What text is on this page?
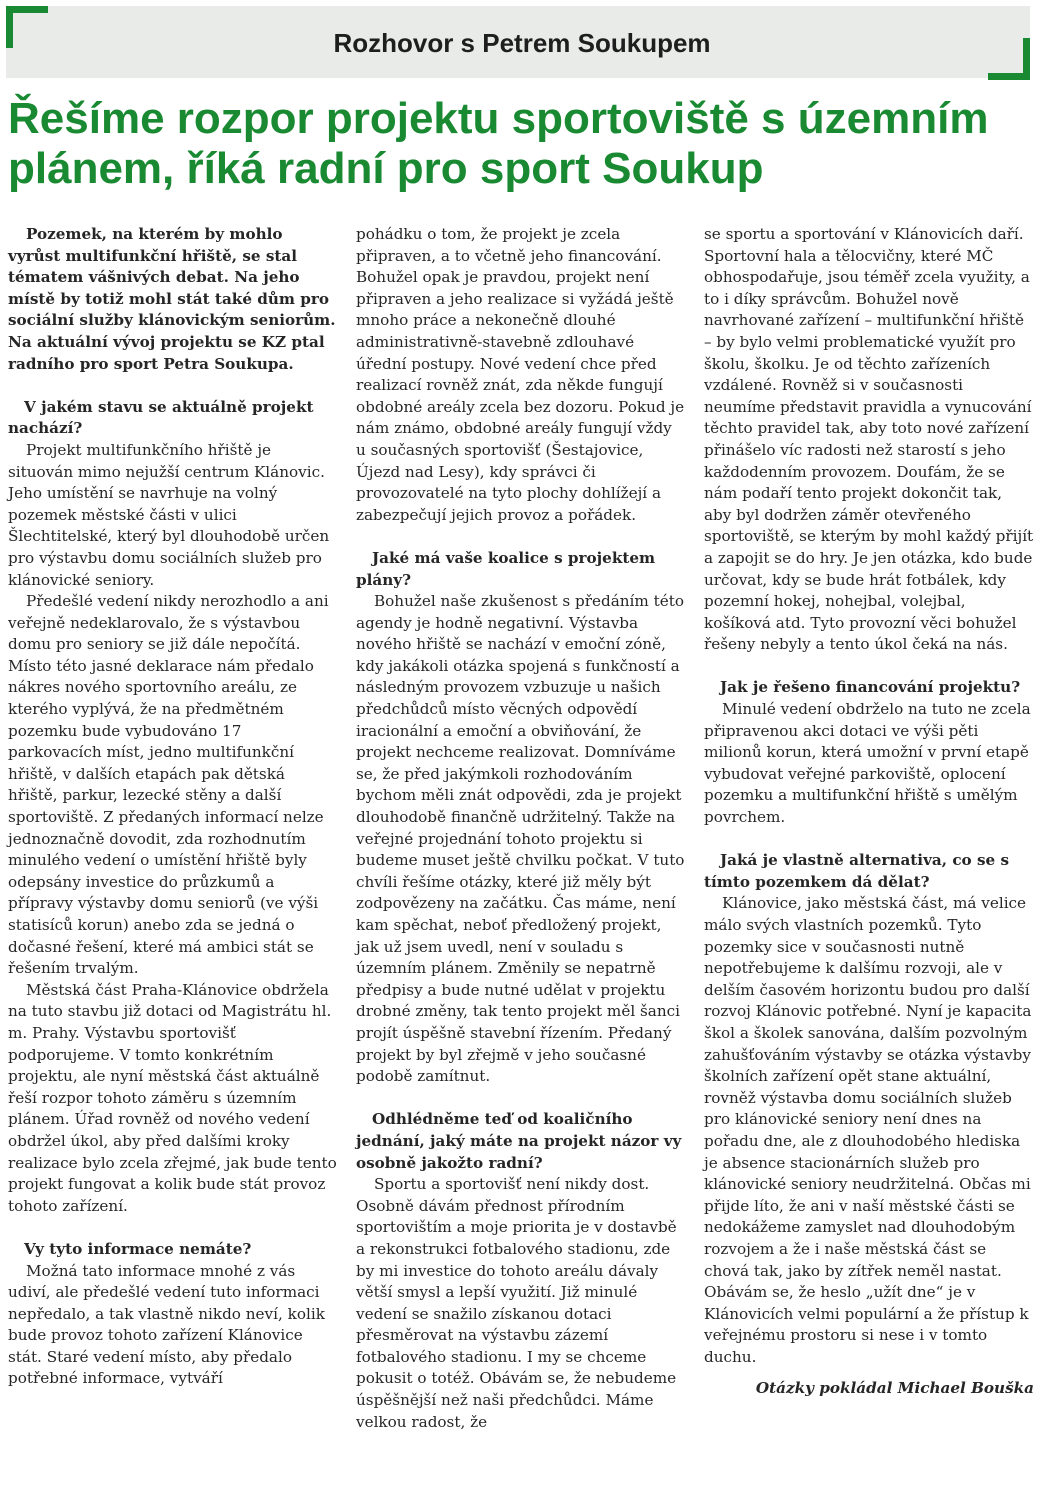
Rozhovor s Petrem Soukupem
Řešíme rozpor projektu sportoviště s územním plánem, říká radní pro sport Soukup

Pozemek, na kterém by mohlo vyrůst multifunkční hřiště, se stal tématem vášnivých debat. Na jeho místě by totiž mohl stát také dům pro sociální služby klánovickým seniorům. Na aktuální vývoj projektu se KZ ptal radního pro sport Petra Soukupa.

V jakém stavu se aktuálně projekt nachází?

Projekt multifunkčního hřiště je situován mimo nejužší centrum Klánovic. Jeho umístění se navrhuje na volný pozemek městské části v ulici Šlechtitelské, který byl dlouhodobě určen pro výstavbu domu sociálních služeb pro klánovické seniory.

Předešlé vedení nikdy nerozhodlo a ani veřejně nedeklarovalo, že s výstavbou domu pro seniory se již dále nepočítá. Místo této jasné deklarace nám předalo nákres nového sportovního areálu, ze kterého vyplývá, že na předmětném pozemku bude vybudováno 17 parkovacích míst, jedno multifunkční hřiště, v dalších etapách pak dětská hřiště, parkur, lezecké stěny a další sportoviště. Z předaných informací nelze jednoznačně dovodit, zda rozhodnutím minulého vedení o umístění hřiště byly odepsány investice do průzkumů a přípravy výstavby domu seniorů (ve výši statisíců korun) anebo zda se jedná o dočasné řešení, které má ambici stát se řešením trvalým.

Městská část Praha-Klánovice obdržela na tuto stavbu již dotaci od Magistrátu hl. m. Prahy. Výstavbu sportovišť podporujeme. V tomto konkrétním projektu, ale nyní městská část aktuálně řeší rozpor tohoto záměru s územním plánem. Úřad rovněž od nového vedení obdržel úkol, aby před dalšími kroky realizace bylo zcela zřejmé, jak bude tento projekt fungovat a kolik bude stát provoz tohoto zařízení.

Vy tyto informace nemáte?

Možná tato informace mnohé z vás udiví, ale předešlé vedení tuto informaci nepředalo, a tak vlastně nikdo neví, kolik bude provoz tohoto zařízení Klánovice stát. Staré vedení místo, aby předalo potřebné informace, vytváří

pohádku o tom, že projekt je zcela připraven, a to včetně jeho financování. Bohužel opak je pravdou, projekt není připraven a jeho realizace si vyžádá ještě mnoho práce a nekonečně dlouhé administrativně-stavebně zdlouhavé úřední postupy. Nové vedení chce před realizací rovněž znát, zda někde fungují obdobné areály zcela bez dozoru. Pokud je nám známo, obdobné areály fungují vždy u současných sportovišť (Šestajovice, Újezd nad Lesy), kdy správci či provozovatelé na tyto plochy dohlížejí a zabezpečují jejich provoz a pořádek.

Jaké má vaše koalice s projektem plány?

Bohužel naše zkušenost s předáním této agendy je hodně negativní. Výstavba nového hřiště se nachází v emoční zóně, kdy jakákoli otázka spojená s funkčností a následným provozem vzbuzuje u našich předchůdců místo věcných odpovědí iracionální a emoční a obviňování, že projekt nechceme realizovat. Domníváme se, že před jakýmkoli rozhodováním bychom měli znát odpovědi, zda je projekt dlouhodobě finančně udržitelný. Takže na veřejné projednání tohoto projektu si budeme muset ještě chvilku počkat. V tuto chvíli řešíme otázky, které již měly být zodpovězeny na začátku. Čas máme, není kam spěchat, neboť předložený projekt, jak už jsem uvedl, není v souladu s územním plánem. Změnily se nepatrně předpisy a bude nutné udělat v projektu drobné změny, tak tento projekt měl šanci projít úspěšně stavební řízením. Předaný projekt by byl zřejmě v jeho současné podobě zamítnut.

Odhlédněme teď od koaličního jednání, jaký máte na projekt názor vy osobně jakožto radní?

Sportu a sportovišť není nikdy dost. Osobně dávám přednost přírodním sportovištím a moje priorita je v dostavbě a rekonstrukci fotbalového stadionu, zde by mi investice do tohoto areálu dávaly větší smysl a lepší využití. Již minulé vedení se snažilo získanou dotaci přesměrovat na výstavbu zázemí fotbalového stadionu. I my se chceme pokusit o totéž. Obávám se, že nebudeme úspěšnější než naši předchůdci. Máme velkou radost, že

se sportu a sportování v Klánovicích daří. Sportovní hala a tělocvičny, které MČ obhospodařuje, jsou téměř zcela využity, a to i díky správcům. Bohužel nově navrhované zařízení – multifunkční hřiště – by bylo velmi problematické využít pro školu, školku. Je od těchto zařízeních vzdálené. Rovněž si v současnosti neumíme představit pravidla a vynucování těchto pravidel tak, aby toto nové zařízení přinášelo víc radosti než starostí s jeho každodenním provozem. Doufám, že se nám podaří tento projekt dokončit tak, aby byl dodržen záměr otevřeného sportoviště, se kterým by mohl každý přijít a zapojit se do hry. Je jen otázka, kdo bude určovat, kdy se bude hrát fotbálek, kdy pozemní hokej, nohejbal, volejbal, košíková atd. Tyto provozní věci bohužel řešeny nebyly a tento úkol čeká na nás.

Jak je řešeno financování projektu?

Minulé vedení obdrželo na tuto ne zcela připravenou akci dotaci ve výši pěti milionů korun, která umožní v první etapě vybudovat veřejné parkoviště, oplocení pozemku a multifunkční hřiště s umělým povrchem.

Jaká je vlastně alternativa, co se s tímto pozemkem dá dělat?

Klánovice, jako městská část, má velice málo svých vlastních pozemků. Tyto pozemky sice v současnosti nutně nepotřebujeme k dalšímu rozvoji, ale v delším časovém horizontu budou pro další rozvoj Klánovic potřebné. Nyní je kapacita škol a školek sanována, dalším pozvolným zahušťováním výstavby se otázka výstavby školních zařízení opět stane aktuální, rovněž výstavba domu sociálních služeb pro klánovické seniory není dnes na pořadu dne, ale z dlouhodobého hlediska je absence stacionárních služeb pro klánovické seniory neudržitelná. Občas mi přijde líto, že ani v naší městské části se nedokážeme zamyslet nad dlouhodobým rozvojem a že i naše městská část se chová tak, jako by zítřek neměl nastat. Obávám se, že heslo „užít dne“ je v Klánovicích velmi populární a že přístup k veřejnému prostoru si nese i v tomto duchu.

Otázky pokládal Michael Bouška
